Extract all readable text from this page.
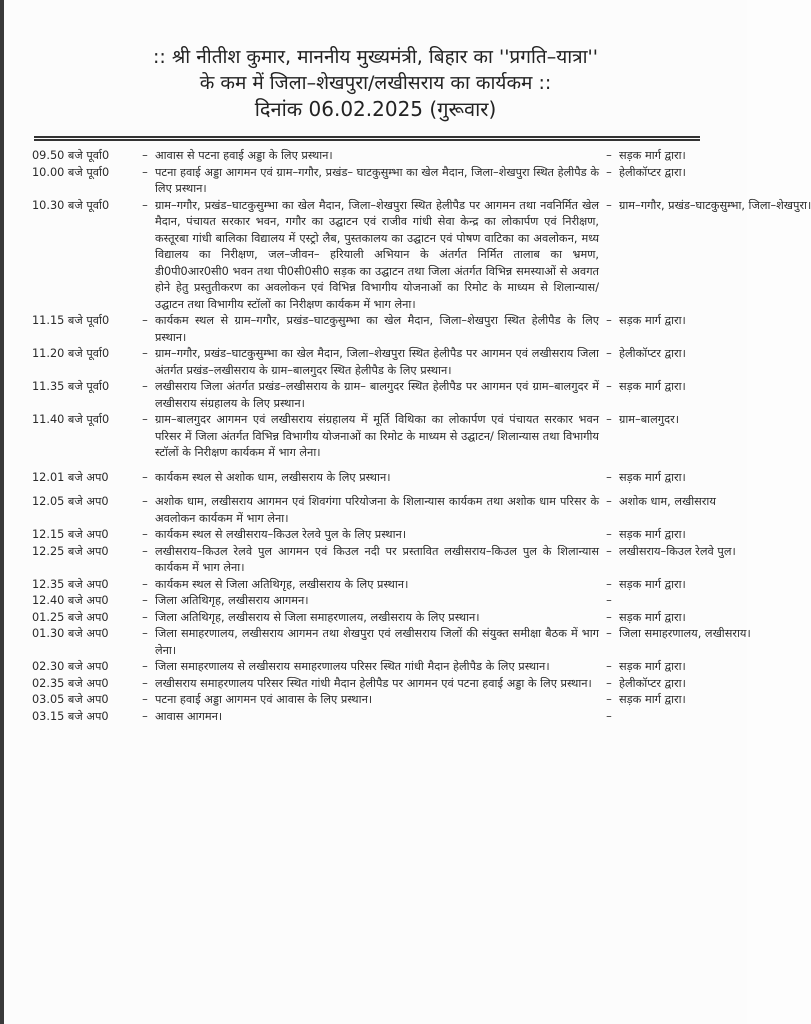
:: श्री नीतीश कुमार, माननीय मुख्यमंत्री, बिहार का ''प्रगति–यात्रा''
के कम में जिला–शेखपुरा/लखीसराय का कार्यकम ::
दिनांक 06.02.2025 (गुरूवार)
09.50 बजे पूर्वा0	– आवास से पटना हवाई अड्डा के लिए प्रस्थान।	– सड़क मार्ग द्वारा।
10.00 बजे पूर्वा0	– पटना हवाई अड्डा आगमन एवं ग्राम–गगौर, प्रखंड– घाटकुसुम्भा का खेल मैदान, जिला–शेखपुरा स्थित हेलीपैड के लिए प्रस्थान।
– हेलीकॉप्टर द्वारा।
10.30 बजे पूर्वा0	– ग्राम–गगौर, प्रखंड–घाटकुसुम्भा का खेल मैदान, जिला–शेखपुरा स्थित हेलीपैड पर आगमन तथा नवनिर्मित खेल मैदान, पंचायत सरकार भवन, गगौर का उद्घाटन एवं राजीव गांधी सेवा केन्द्र का लोकार्पण एवं निरीक्षण, कस्तूरबा गांधी बालिका विद्यालय में एस्ट्रो लैब, पुस्तकालय का उद्घाटन एवं पोषण वाटिका का अवलोकन, मध्य विद्यालय का निरीक्षण, जल–जीवन– हरियाली अभियान के अंतर्गत निर्मित तालाब का भ्रमण, डी0पी0आर0सी0 भवन तथा पी0सी0सी0 सड़क का उद्घाटन तथा जिला अंतर्गत विभिन्न समस्याओं से अवगत होने हेतु प्रस्तुतीकरण का अवलोकन एवं विभिन्न विभागीय योजनाओं का रिमोट के माध्यम से शिलान्यास/उद्घाटन तथा विभागीय स्टॉलों का निरीक्षण कार्यकम में भाग लेना।
– ग्राम–गगौर, प्रखंड–घाटकुसुम्भा, जिला–शेखपुरा।
11.15 बजे पूर्वा0	– कार्यकम स्थल से ग्राम–गगौर, प्रखंड–घाटकुसुम्भा का खेल मैदान, जिला–शेखपुरा स्थित हेलीपैड के लिए प्रस्थान।
– सड़क मार्ग द्वारा।
11.20 बजे पूर्वा0	– ग्राम–गगौर, प्रखंड–घाटकुसुम्भा का खेल मैदान, जिला–शेखपुरा स्थित हेलीपैड पर आगमन एवं लखीसराय जिला अंतर्गत प्रखंड–लखीसराय के ग्राम–बालगुदर स्थित हेलीपैड के लिए प्रस्थान।
– हेलीकॉप्टर द्वारा।
11.35 बजे पूर्वा0	– लखीसराय जिला अंतर्गत प्रखंड–लखीसराय के ग्राम– बालगुदर स्थित हेलीपैड पर आगमन एवं ग्राम–बालगुदर में लखीसराय संग्रहालय के लिए प्रस्थान।
– सड़क मार्ग द्वारा।
11.40 बजे पूर्वा0	– ग्राम–बालगुदर आगमन एवं लखीसराय संग्रहालय में मूर्ति विथिका का लोकार्पण एवं पंचायत सरकार भवन परिसर में जिला अंतर्गत विभिन्न विभागीय योजनाओं का रिमोट के माध्यम से उद्घाटन/ शिलान्यास तथा विभागीय स्टॉलों के निरीक्षण कार्यकम में भाग लेना।
– ग्राम–बालगुदर।
12.01 बजे अप0	– कार्यकम स्थल से अशोक धाम, लखीसराय के लिए प्रस्थान।	– सड़क मार्ग द्वारा।
12.05 बजे अप0	– अशोक धाम, लखीसराय आगमन एवं शिवगंगा परियोजना के शिलान्यास कार्यकम तथा अशोक धाम परिसर के अवलोकन कार्यकम में भाग लेना।
– अशोक धाम, लखीसराय
12.15 बजे अप0	– कार्यकम स्थल से लखीसराय–किउल रेलवे पुल के लिए प्रस्थान।	– सड़क मार्ग द्वारा।
12.25 बजे अप0	– लखीसराय–किउल रेलवे पुल आगमन एवं किउल नदी पर प्रस्तावित लखीसराय–किउल पुल के शिलान्यास कार्यकम में भाग लेना।
– लखीसराय–किउल रेलवे पुल।
12.35 बजे अप0	– कार्यकम स्थल से जिला अतिथिगृह, लखीसराय के लिए प्रस्थान।	– सड़क मार्ग द्वारा।
12.40 बजे अप0	– जिला अतिथिगृह, लखीसराय आगमन।	–
01.25 बजे अप0	– जिला अतिथिगृह, लखीसराय से जिला समाहरणालय, लखीसराय के लिए प्रस्थान।	– सड़क मार्ग द्वारा।
01.30 बजे अप0	– जिला समाहरणालय, लखीसराय आगमन तथा शेखपुरा एवं लखीसराय जिलों की संयुक्त समीक्षा बैठक में भाग लेना।
– जिला समाहरणालय, लखीसराय।
02.30 बजे अप0	– जिला समाहरणालय से लखीसराय समाहरणालय परिसर स्थित गांधी मैदान हेलीपैड के लिए प्रस्थान।	– सड़क मार्ग द्वारा।
02.35 बजे अप0	– लखीसराय समाहरणालय परिसर स्थित गांधी मैदान हेलीपैड पर आगमन एवं पटना हवाई अड्डा के लिए प्रस्थान।	– हेलीकॉप्टर द्वारा।
03.05 बजे अप0	– पटना हवाई अड्डा आगमन एवं आवास के लिए प्रस्थान।	– सड़क मार्ग द्वारा।
03.15 बजे अप0	– आवास आगमन।	–
